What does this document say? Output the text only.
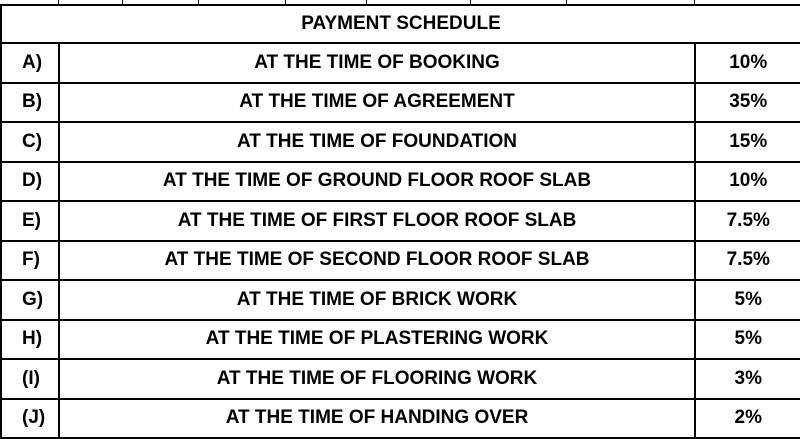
PAYMENT SCHEDULE		
A)	AT THE TIME OF BOOKING	10%
B)	AT THE TIME OF AGREEMENT	35%
C)	AT THE TIME OF FOUNDATION	15%
D)	AT THE TIME OF GROUND FLOOR ROOF SLAB	10%
E)	AT THE TIME OF FIRST FLOOR ROOF SLAB	7.5%
F)	AT THE TIME OF SECOND FLOOR ROOF SLAB	7.5%
G)	AT THE TIME OF BRICK WORK	5%
H)	AT THE TIME OF PLASTERING WORK	5%
(I)	AT THE TIME OF FLOORING WORK	3%
(J)	AT THE TIME OF HANDING OVER	2%
